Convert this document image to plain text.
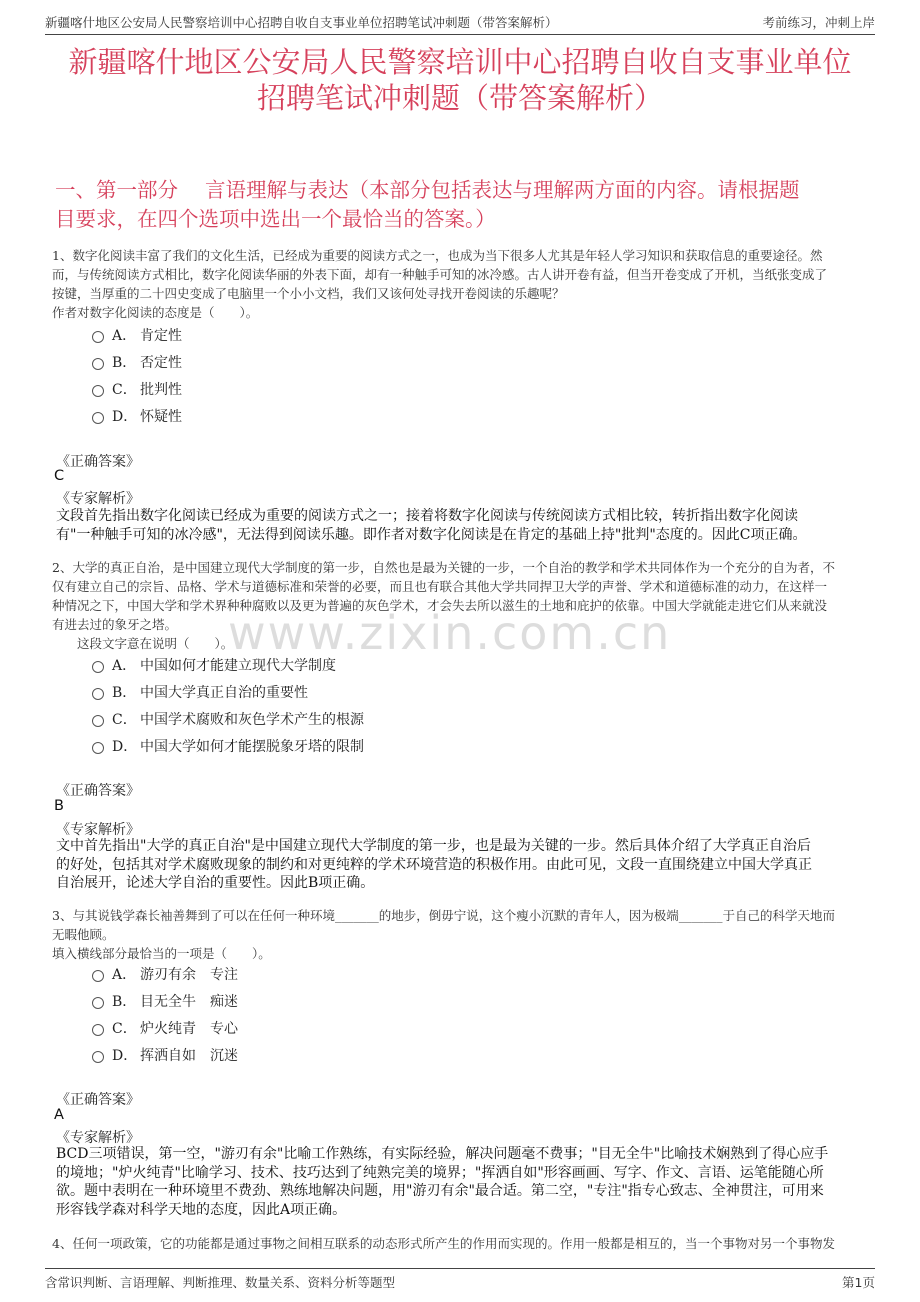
新疆喀什地区公安局人民警察培训中心招聘自收自支事业单位招聘笔试冲刺题（带答案解析）	考前练习，冲刺上岸
新疆喀什地区公安局人民警察培训中心招聘自收自支事业单位
招聘笔试冲刺题（带答案解析）
一、第一部分　 言语理解与表达（本部分包括表达与理解两方面的内容。请根据题
目要求，在四个选项中选出一个最恰当的答案。）
www.zixin.com.cn
1、数字化阅读丰富了我们的文化生活，已经成为重要的阅读方式之一，也成为当下很多人尤其是年轻人学习知识和获取信息的重要途径。然
而，与传统阅读方式相比，数字化阅读华丽的外表下面，却有一种触手可知的冰冷感。古人讲开卷有益，但当开卷变成了开机，当纸张变成了
按键，当厚重的二十四史变成了电脑里一个小小文档，我们又该何处寻找开卷阅读的乐趣呢？
作者对数字化阅读的态度是（　　）。
A． 肯定性
B． 否定性
C． 批判性
D． 怀疑性
《正确答案》
C
《专家解析》
文段首先指出数字化阅读已经成为重要的阅读方式之一；接着将数字化阅读与传统阅读方式相比较，转折指出数字化阅读
有"一种触手可知的冰冷感"，无法得到阅读乐趣。即作者对数字化阅读是在肯定的基础上持"批判"态度的。因此C项正确。
2、大学的真正自治，是中国建立现代大学制度的第一步，自然也是最为关键的一步，一个自治的教学和学术共同体作为一个充分的自为者，不
仅有建立自己的宗旨、品格、学术与道德标准和荣誉的必要，而且也有联合其他大学共同捍卫大学的声誉、学术和道德标准的动力，在这样一
种情况之下，中国大学和学术界种种腐败以及更为普遍的灰色学术，才会失去所以滋生的土地和庇护的依靠。中国大学就能走进它们从来就没
有进去过的象牙之塔。
　　这段文字意在说明（　　）。
A． 中国如何才能建立现代大学制度
B． 中国大学真正自治的重要性
C． 中国学术腐败和灰色学术产生的根源
D． 中国大学如何才能摆脱象牙塔的限制
《正确答案》
B
《专家解析》
文中首先指出"大学的真正自治"是中国建立现代大学制度的第一步，也是最为关键的一步。然后具体介绍了大学真正自治后
的好处，包括其对学术腐败现象的制约和对更纯粹的学术环境营造的积极作用。由此可见，文段一直围绕建立中国大学真正
自治展开，论述大学自治的重要性。因此B项正确。
3、与其说钱学森长袖善舞到了可以在任何一种环境_______的地步，倒毋宁说，这个瘦小沉默的青年人，因为极端_______于自己的科学天地而
无暇他顾。
填入横线部分最恰当的一项是（　　）。
A． 游刃有余　专注
B． 目无全牛　痴迷
C． 炉火纯青　专心
D． 挥洒自如　沉迷
《正确答案》
A
《专家解析》
BCD三项错误，第一空，"游刃有余"比喻工作熟练，有实际经验，解决问题毫不费事；"目无全牛"比喻技术娴熟到了得心应手
的境地；"炉火纯青"比喻学习、技术、技巧达到了纯熟完美的境界；"挥洒自如"形容画画、写字、作文、言语、运笔能随心所
欲。题中表明在一种环境里不费劲、熟练地解决问题，用"游刃有余"最合适。第二空，"专注"指专心致志、全神贯注，可用来
形容钱学森对科学天地的态度，因此A项正确。
4、任何一项政策，它的功能都是通过事物之间相互联系的动态形式所产生的作用而实现的。作用一般都是相互的，当一个事物对另一个事物发
含常识判断、言语理解、判断推理、数量关系、资料分析等题型	第1页
